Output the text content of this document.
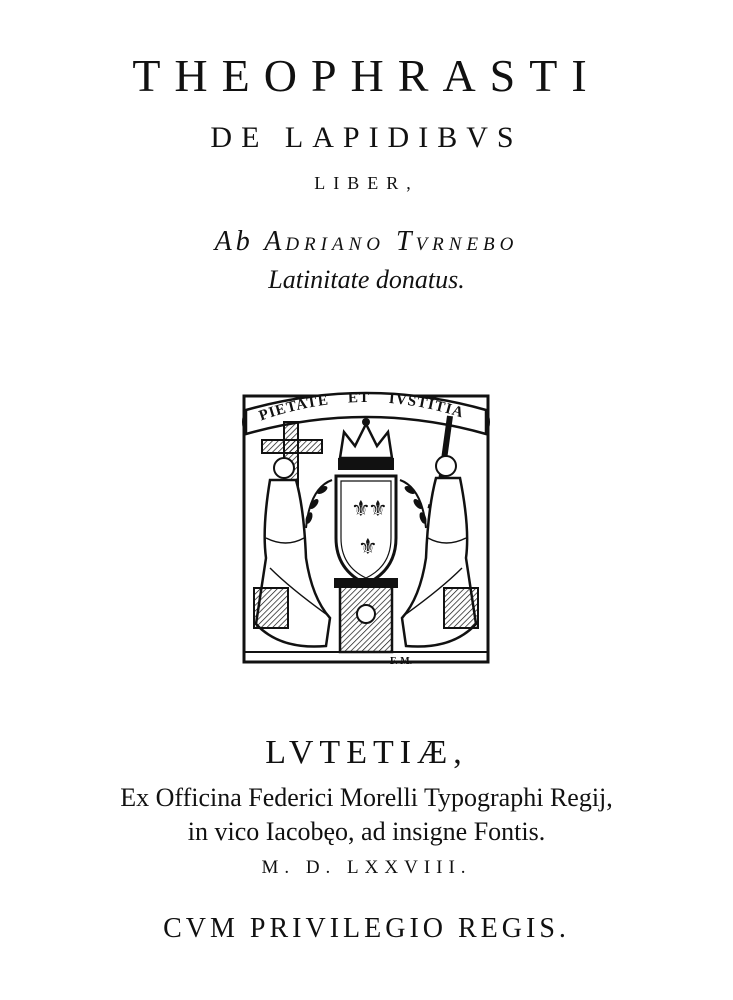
THEOPHRASTI
DE LAPIDIBVS
LIBER,
Ab ADRIANO TVRNEBO
Latinitate donatus.
PIETATE ET IVSTITIA
⚜
⚜
⚜
F. M.
LVTETIÆ,
Ex Officina Federici Morelli Typographi Regij,
in vico Iacobęo, ad insigne Fontis.
M. D. LXXVIII.
CVM PRIVILEGIO REGIS.
